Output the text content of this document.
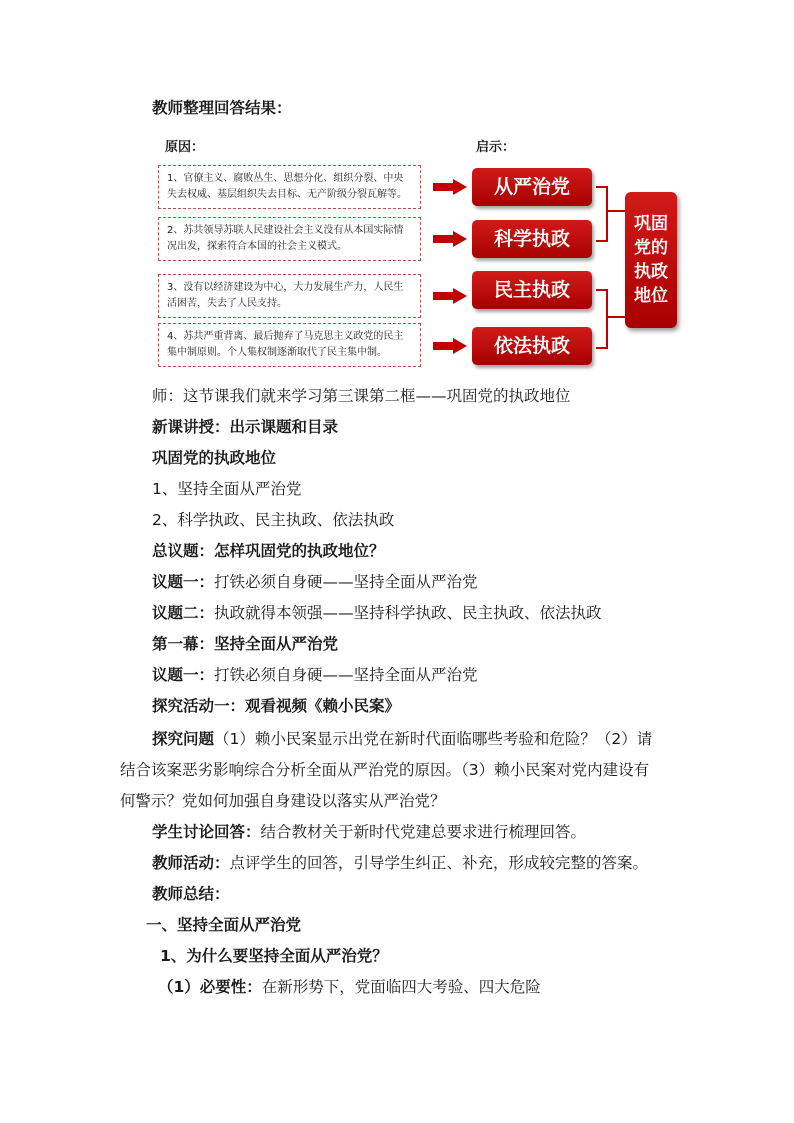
教师整理回答结果：
原因：	启示：
1、官僚主义、腐败丛生、思想分化、组织分裂、中央
失去权威、基层组织失去目标、无产阶级分裂瓦解等。
2、苏共领导苏联人民建设社会主义没有从本国实际情
况出发，探索符合本国的社会主义模式。
3、没有以经济建设为中心，大力发展生产力，人民生
活困苦，失去了人民支持。
4、苏共严重背离、最后抛弃了马克思主义政党的民主
集中制原则。个人集权制逐渐取代了民主集中制。
从严治党
科学执政
民主执政
依法执政
巩固
党的
执政
地位
师：这节课我们就来学习第三课第二框——巩固党的执政地位
新课讲授：出示课题和目录
巩固党的执政地位
1、坚持全面从严治党
2、科学执政、民主执政、依法执政
总议题：怎样巩固党的执政地位？
议题一：打铁必须自身硬——坚持全面从严治党
议题二：执政就得本领强——坚持科学执政、民主执政、依法执政
第一幕：坚持全面从严治党
议题一：打铁必须自身硬——坚持全面从严治党
探究活动一：观看视频《赖小民案》
探究问题（1）赖小民案显示出党在新时代面临哪些考验和危险？（2）请
结合该案恶劣影响综合分析全面从严治党的原因。（3）赖小民案对党内建设有
何警示？党如何加强自身建设以落实从严治党？
学生讨论回答：结合教材关于新时代党建总要求进行梳理回答。
教师活动：点评学生的回答，引导学生纠正、补充，形成较完整的答案。
教师总结：
一、坚持全面从严治党
1、为什么要坚持全面从严治党？
（1）必要性：在新形势下，党面临四大考验、四大危险
